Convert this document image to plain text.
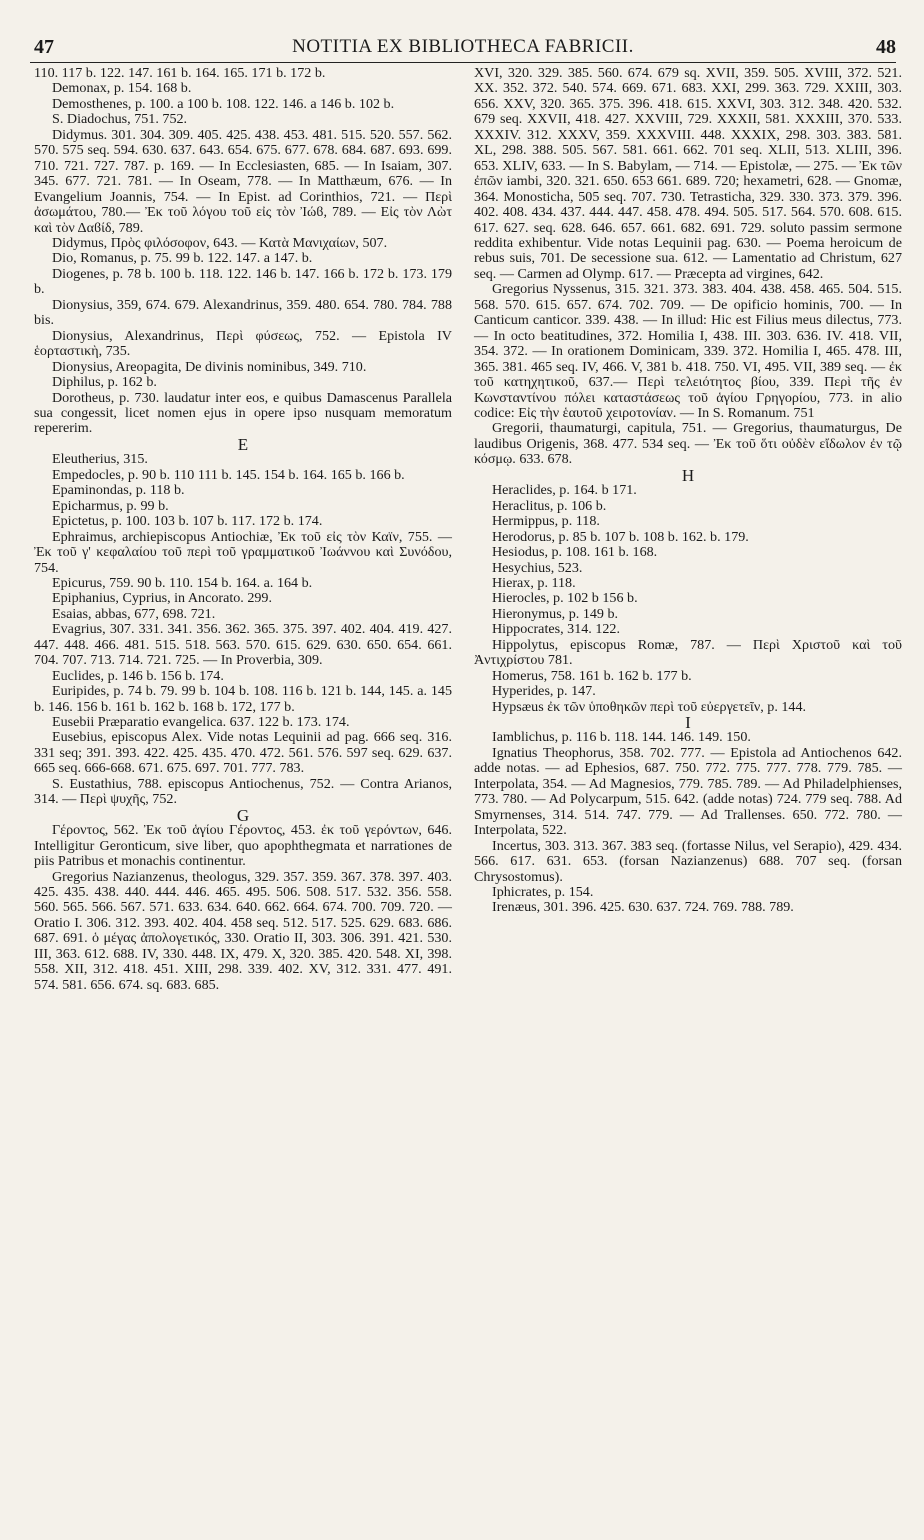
47	NOTITIA EX BIBLIOTHECA FABRICII.	48

110. 117 b. 122. 147. 161 b. 164. 165. 171 b. 172 b.

Demonax, p. 154. 168 b.

Demosthenes, p. 100. a 100 b. 108. 122. 146. a 146 b. 102 b.

S. Diadochus, 751. 752.

Didymus. 301. 304. 309. 405. 425. 438. 453. 481. 515. 520. 557. 562. 570. 575 seq. 594. 630. 637. 643. 654. 675. 677. 678. 684. 687. 693. 699. 710. 721. 727. 787. p. 169. — In Ecclesiasten, 685. — In Isaiam, 307. 345. 677. 721. 781. — In Oseam, 778. — In Matthæum, 676. — In Evangelium Joannis, 754. — In Epist. ad Corinthios, 721. — Περὶ ἀσωμάτου, 780.— Ἐκ τοῦ λόγου τοῦ εἰς τὸν Ἰώϐ, 789. — Εἰς τὸν Λὼτ καὶ τὸν Δαϐίδ, 789.

Didymus, Πρὸς φιλόσοφον, 643. — Κατὰ Μανιχαίων, 507.

Dio, Romanus, p. 75. 99 b. 122. 147. a 147. b.

Diogenes, p. 78 b. 100 b. 118. 122. 146 b. 147. 166 b. 172 b. 173. 179 b.

Dionysius, 359, 674. 679. Alexandrinus, 359. 480. 654. 780. 784. 788 bis.

Dionysius, Alexandrinus, Περὶ φύσεως, 752. — Epistola IV ἑορταστικὴ, 735.

Dionysius, Areopagita, De divinis nominibus, 349. 710.

Diphilus, p. 162 b.

Dorotheus, p. 730. laudatur inter eos, e quibus Damascenus Parallela sua congessit, licet nomen ejus in opere ipso nusquam memoratum repererim.

E

Eleutherius, 315.

Empedocles, p. 90 b. 110 111 b. 145. 154 b. 164. 165 b. 166 b.

Epaminondas, p. 118 b.

Epicharmus, p. 99 b.

Epictetus, p. 100. 103 b. 107 b. 117. 172 b. 174.

Ephraimus, archiepiscopus Antiochiæ, Ἐκ τοῦ εἰς τὸν Καϊν, 755. — Ἐκ τοῦ γ' κεφαλαίου τοῦ περὶ τοῦ γραμματικοῦ Ἰωάννου καὶ Συνόδου, 754.

Epicurus, 759. 90 b. 110. 154 b. 164. a. 164 b.

Epiphanius, Cyprius, in Ancorato. 299.

Esaias, abbas, 677, 698. 721.

Evagrius, 307. 331. 341. 356. 362. 365. 375. 397. 402. 404. 419. 427. 447. 448. 466. 481. 515. 518. 563. 570. 615. 629. 630. 650. 654. 661. 704. 707. 713. 714. 721. 725. — In Proverbia, 309.

Euclides, p. 146 b. 156 b. 174.

Euripides, p. 74 b. 79. 99 b. 104 b. 108. 116 b. 121 b. 144, 145. a. 145 b. 146. 156 b. 161 b. 162 b. 168 b. 172, 177 b.

Eusebii Præparatio evangelica. 637. 122 b. 173. 174.

Eusebius, episcopus Alex. Vide notas Lequinii ad pag. 666 seq. 316. 331 seq; 391. 393. 422. 425. 435. 470. 472. 561. 576. 597 seq. 629. 637. 665 seq. 666-668. 671. 675. 697. 701. 777. 783.

S. Eustathius, 788. episcopus Antiochenus, 752. — Contra Arianos, 314. — Περὶ ψυχῆς, 752.

G

Γέροντος, 562. Ἐκ τοῦ ἁγίου Γέροντος, 453. ἐκ τοῦ γερόντων, 646. Intelligitur Geronticum, sive liber, quo apophthegmata et narrationes de piis Patribus et monachis continentur.

Gregorius Nazianzenus, theologus, 329. 357. 359. 367. 378. 397. 403. 425. 435. 438. 440. 444. 446. 465. 495. 506. 508. 517. 532. 356. 558. 560. 565. 566. 567. 571. 633. 634. 640. 662. 664. 674. 700. 709. 720. — Oratio I. 306. 312. 393. 402. 404. 458 seq. 512. 517. 525. 629. 683. 686. 687. 691. ὁ μέγας ἀπολογετικός, 330. Oratio II, 303. 306. 391. 421. 530. III, 363. 612. 688. IV, 330. 448. IX, 479. X, 320. 385. 420. 548. XI, 398. 558. XII, 312. 418. 451. XIII, 298. 339. 402. XV, 312. 331. 477. 491. 574. 581. 656. 674. sq. 683. 685.

XVI, 320. 329. 385. 560. 674. 679 sq. XVII, 359. 505. XVIII, 372. 521. XX. 352. 372. 540. 574. 669. 671. 683. XXI, 299. 363. 729. XXIII, 303. 656. XXV, 320. 365. 375. 396. 418. 615. XXVI, 303. 312. 348. 420. 532. 679 seq. XXVII, 418. 427. XXVIII, 729. XXXII, 581. XXXIII, 370. 533. XXXIV. 312. XXXV, 359. XXXVIII. 448. XXXIX, 298. 303. 383. 581. XL, 298. 388. 505. 567. 581. 661. 662. 701 seq. XLII, 513. XLIII, 396. 653. XLIV, 633. — In S. Babylam, — 714. — Epistolæ, — 275. — Ἐκ τῶν ἐπῶν iambi, 320. 321. 650. 653 661. 689. 720; hexametri, 628. — Gnomæ, 364. Monosticha, 505 seq. 707. 730. Tetrasticha, 329. 330. 373. 379. 396. 402. 408. 434. 437. 444. 447. 458. 478. 494. 505. 517. 564. 570. 608. 615. 617. 627. seq. 628. 646. 657. 661. 682. 691. 729. soluto passim sermone reddita exhibentur. Vide notas Lequinii pag. 630. — Poema heroicum de rebus suis, 701. De secessione sua. 612. — Lamentatio ad Christum, 627 seq. — Carmen ad Olymp. 617. — Præcepta ad virgines, 642.

Gregorius Nyssenus, 315. 321. 373. 383. 404. 438. 458. 465. 504. 515. 568. 570. 615. 657. 674. 702. 709. — De opificio hominis, 700. — In Canticum canticor. 339. 438. — In illud: Hic est Filius meus dilectus, 773. — In octo beatitudines, 372. Homilia I, 438. III. 303. 636. IV. 418. VII, 354. 372. — In orationem Dominicam, 339. 372. Homilia I, 465. 478. III, 365. 381. 465 seq. IV, 466. V, 381 b. 418. 750. VI, 495. VII, 389 seq. — ἐκ τοῦ κατηχητικοῦ, 637.— Περὶ τελειότητος βίου, 339. Περὶ τῆς ἐν Κωνσταντίνου πόλει καταστάσεως τοῦ ἁγίου Γρηγορίου, 773. in alio codice: Εἰς τὴν ἑαυτοῦ χειροτονίαν. — In S. Romanum. 751

Gregorii, thaumaturgi, capitula, 751. — Gregorius, thaumaturgus, De laudibus Origenis, 368. 477. 534 seq. — Ἐκ τοῦ ὅτι οὐδὲν εἴδωλον ἐν τῷ κόσμῳ. 633. 678.

H

Heraclides, p. 164. b 171.

Heraclitus, p. 106 b.

Hermippus, p. 118.

Herodorus, p. 85 b. 107 b. 108 b. 162. b. 179.

Hesiodus, p. 108. 161 b. 168.

Hesychius, 523.

Hierax, p. 118.

Hierocles, p. 102 b 156 b.

Hieronymus, p. 149 b.

Hippocrates, 314. 122.

Hippolytus, episcopus Romæ, 787. — Περὶ Χριστοῦ καὶ τοῦ Ἀντιχρίστου 781.

Homerus, 758. 161 b. 162 b. 177 b.

Hyperides, p. 147.

Hypsæus ἐκ τῶν ὑποθηκῶν περὶ τοῦ εὐεργετεῖν, p. 144.

I

Iamblichus, p. 116 b. 118. 144. 146. 149. 150.

Ignatius Theophorus, 358. 702. 777. — Epistola ad Antiochenos 642. adde notas. — ad Ephesios, 687. 750. 772. 775. 777. 778. 779. 785. — Interpolata, 354. — Ad Magnesios, 779. 785. 789. — Ad Philadelphienses, 773. 780. — Ad Polycarpum, 515. 642. (adde notas) 724. 779 seq. 788. Ad Smyrnenses, 314. 514. 747. 779. — Ad Trallenses. 650. 772. 780. — Interpolata, 522.

Incertus, 303. 313. 367. 383 seq. (fortasse Nilus, vel Serapio), 429. 434. 566. 617. 631. 653. (forsan Nazianzenus) 688. 707 seq. (forsan Chrysostomus).

Iphicrates, p. 154.

Irenæus, 301. 396. 425. 630. 637. 724. 769. 788. 789.
